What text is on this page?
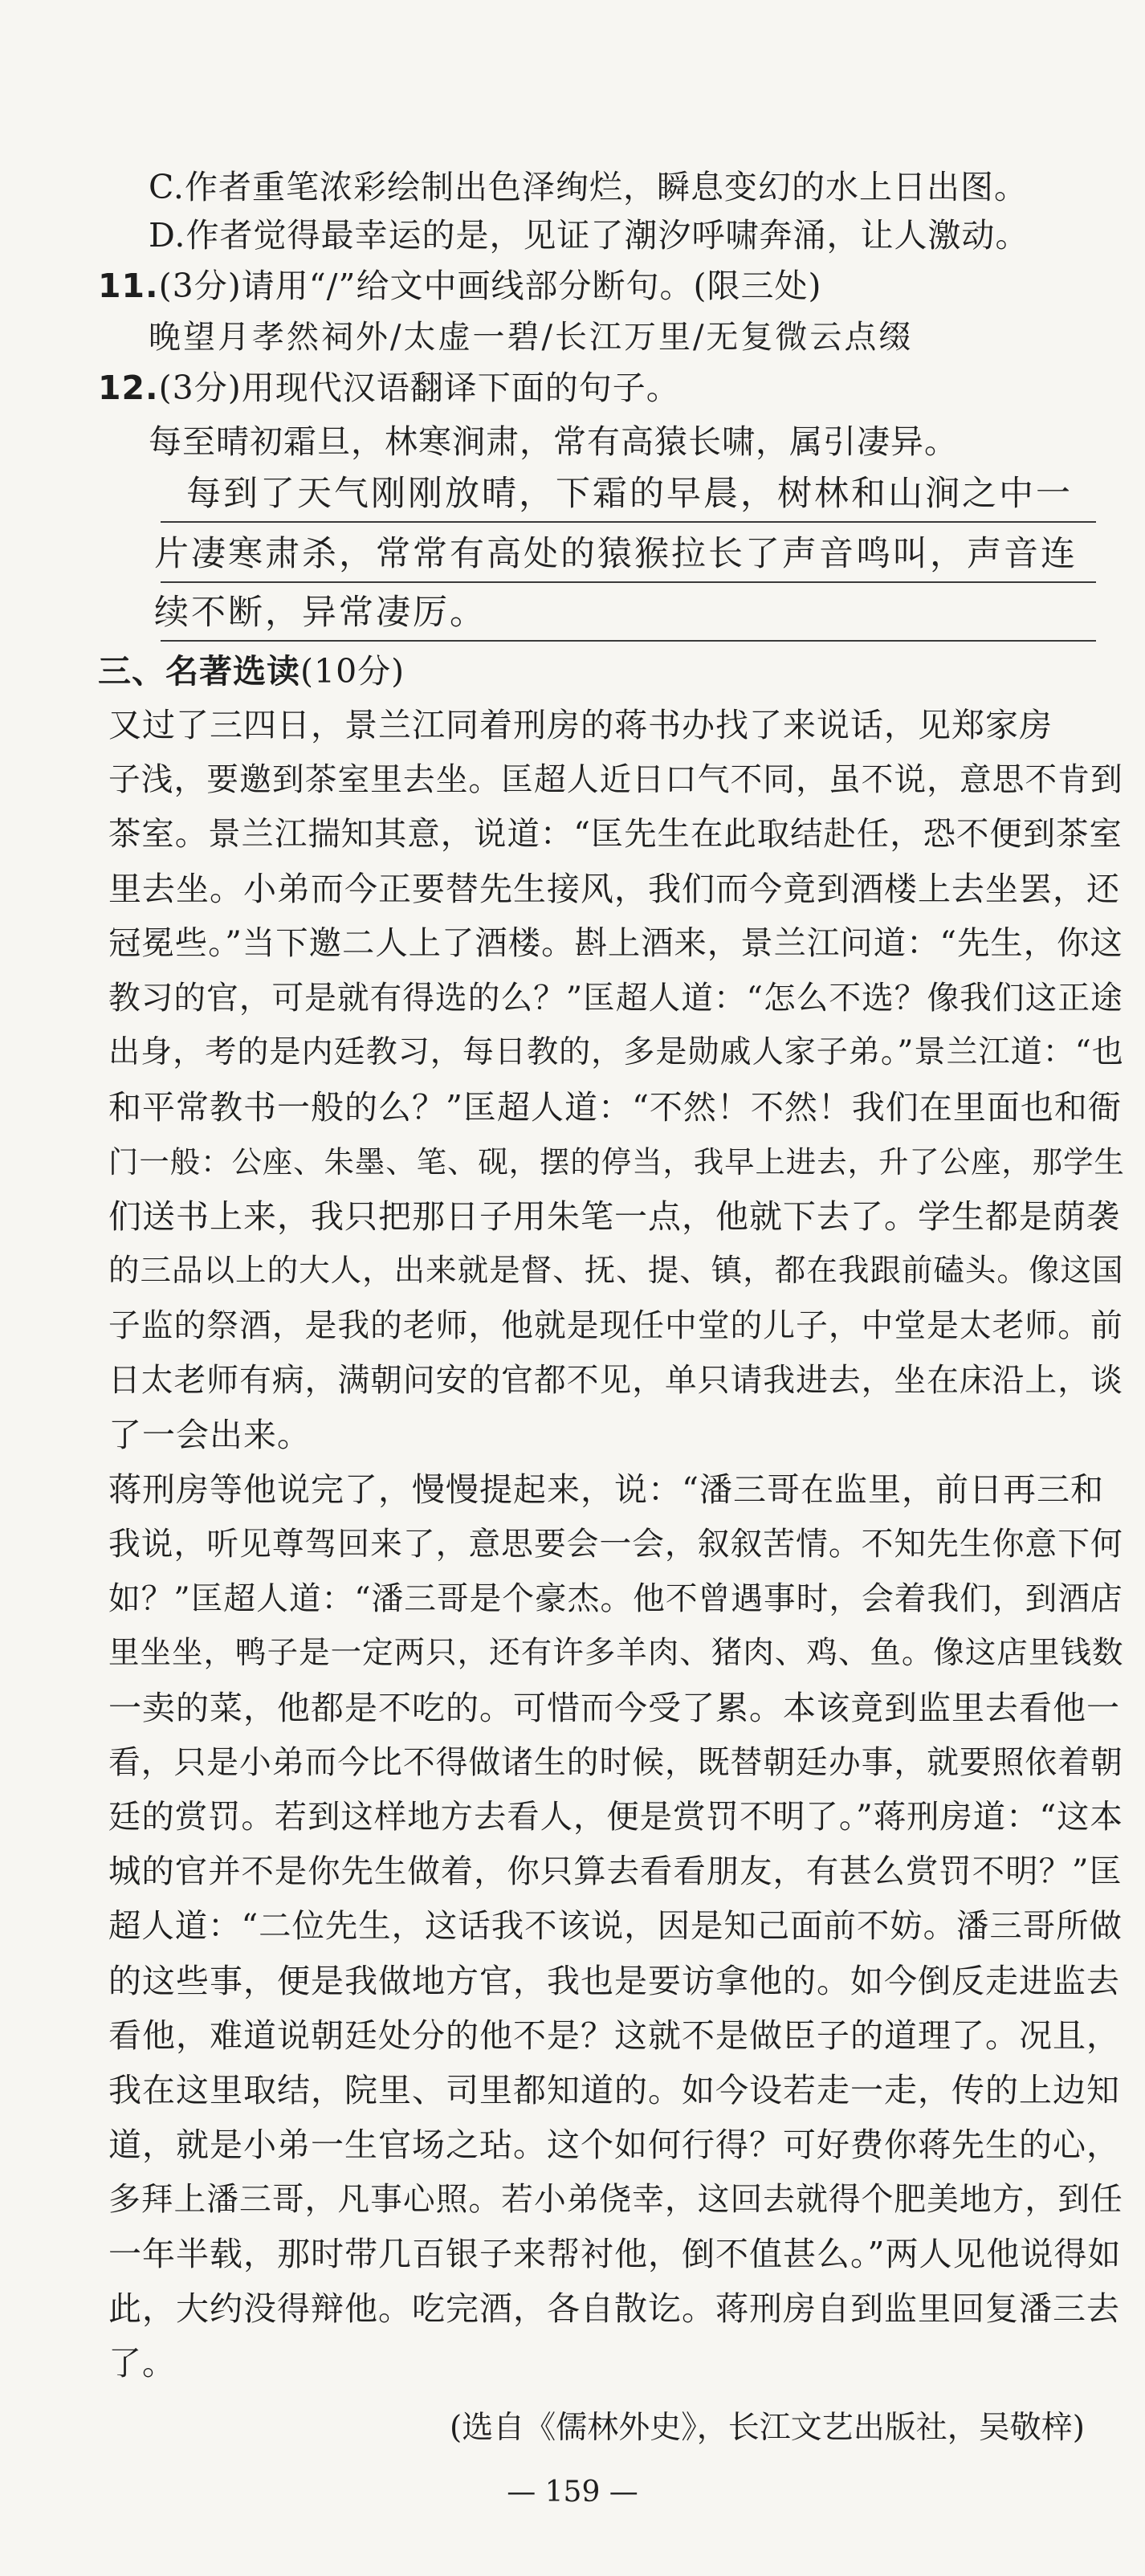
C.作者重笔浓彩绘制出色泽绚烂，瞬息变幻的水上日出图。
D.作者觉得最幸运的是，见证了潮汐呼啸奔涌，让人激动。
11.(3分)请用“/”给文中画线部分断句。(限三处)
晚望月孝然祠外/太虚一碧/长江万里/无复微云点缀
12.(3分)用现代汉语翻译下面的句子。
每至晴初霜旦，林寒涧肃，常有高猿长啸，属引凄异。
每到了天气刚刚放晴，下霜的早晨，树林和山涧之中一
片凄寒肃杀，常常有高处的猿猴拉长了声音鸣叫，声音连
续不断，异常凄厉。
三、名著选读(10分)
又过了三四日，景兰江同着刑房的蒋书办找了来说话，见郑家房
子浅，要邀到茶室里去坐。匡超人近日口气不同，虽不说，意思不肯到
茶室。景兰江揣知其意，说道：“匡先生在此取结赴任，恐不便到茶室
里去坐。小弟而今正要替先生接风，我们而今竟到酒楼上去坐罢，还
冠冕些。”当下邀二人上了酒楼。斟上酒来，景兰江问道：“先生，你这
教习的官，可是就有得选的么？”匡超人道：“怎么不选？像我们这正途
出身，考的是内廷教习，每日教的，多是勋戚人家子弟。”景兰江道：“也
和平常教书一般的么？”匡超人道：“不然！不然！我们在里面也和衙
门一般：公座、朱墨、笔、砚，摆的停当，我早上进去，升了公座，那学生
们送书上来，我只把那日子用朱笔一点，他就下去了。学生都是荫袭
的三品以上的大人，出来就是督、抚、提、镇，都在我跟前磕头。像这国
子监的祭酒，是我的老师，他就是现任中堂的儿子，中堂是太老师。前
日太老师有病，满朝问安的官都不见，单只请我进去，坐在床沿上，谈
了一会出来。
蒋刑房等他说完了，慢慢提起来，说：“潘三哥在监里，前日再三和
我说，听见尊驾回来了，意思要会一会，叙叙苦情。不知先生你意下何
如？”匡超人道：“潘三哥是个豪杰。他不曾遇事时，会着我们，到酒店
里坐坐，鸭子是一定两只，还有许多羊肉、猪肉、鸡、鱼。像这店里钱数
一卖的菜，他都是不吃的。可惜而今受了累。本该竟到监里去看他一
看，只是小弟而今比不得做诸生的时候，既替朝廷办事，就要照依着朝
廷的赏罚。若到这样地方去看人，便是赏罚不明了。”蒋刑房道：“这本
城的官并不是你先生做着，你只算去看看朋友，有甚么赏罚不明？”匡
超人道：“二位先生，这话我不该说，因是知己面前不妨。潘三哥所做
的这些事，便是我做地方官，我也是要访拿他的。如今倒反走进监去
看他，难道说朝廷处分的他不是？这就不是做臣子的道理了。况且，
我在这里取结，院里、司里都知道的。如今设若走一走，传的上边知
道，就是小弟一生官场之玷。这个如何行得？可好费你蒋先生的心，
多拜上潘三哥，凡事心照。若小弟侥幸，这回去就得个肥美地方，到任
一年半载，那时带几百银子来帮衬他，倒不值甚么。”两人见他说得如
此，大约没得辩他。吃完酒，各自散讫。蒋刑房自到监里回复潘三去
了。
(选自《儒林外史》，长江文艺出版社，吴敬梓)
— 159 —
